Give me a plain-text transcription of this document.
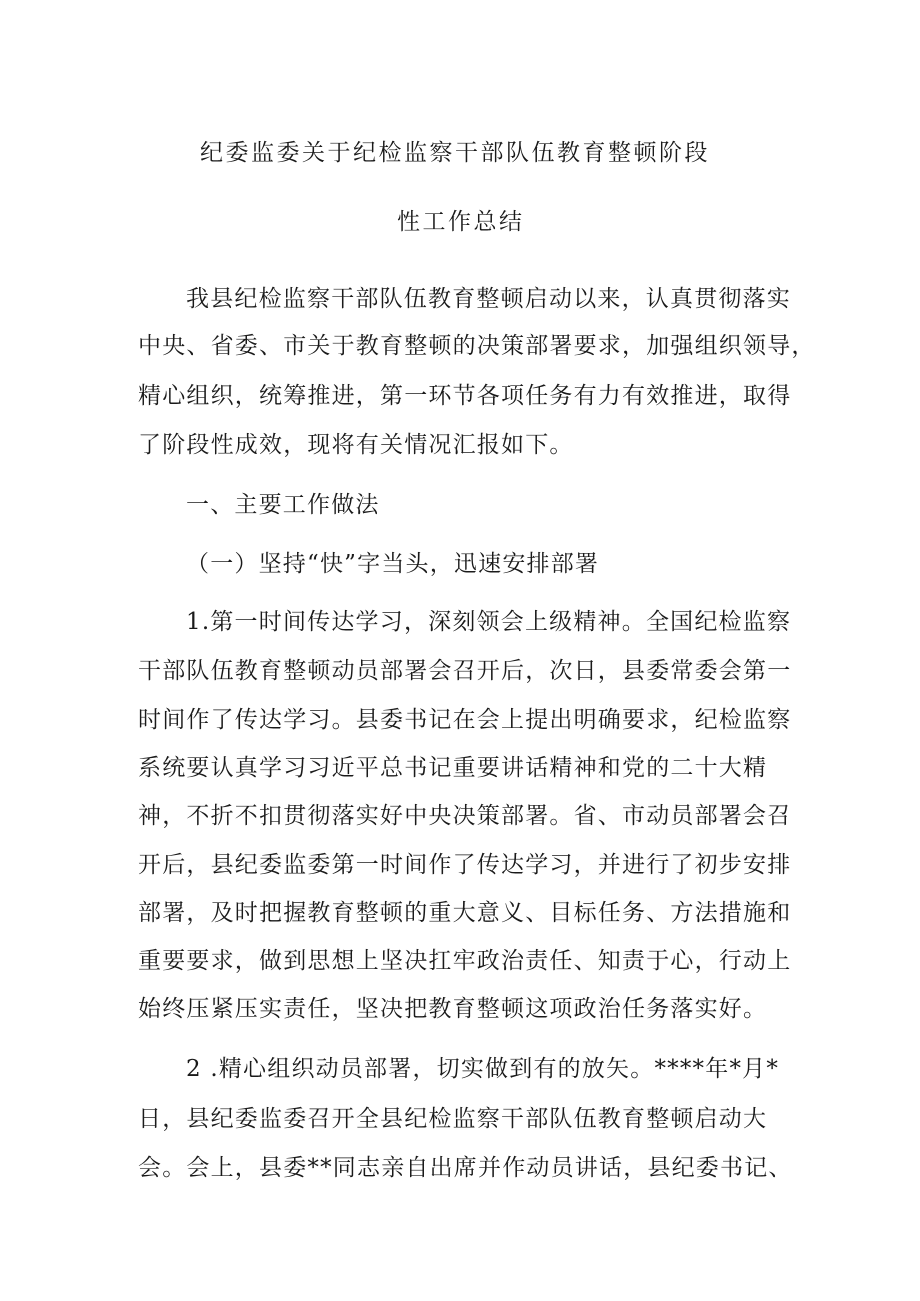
纪委监委关于纪检监察干部队伍教育整顿阶段
性工作总结
我县纪检监察干部队伍教育整顿启动以来，认真贯彻落实
中央、省委、市关于教育整顿的决策部署要求，加强组织领导，
精心组织，统筹推进，第一环节各项任务有力有效推进，取得
了阶段性成效，现将有关情况汇报如下。
一、主要工作做法
（一）坚持“快”字当头，迅速安排部署
1.第一时间传达学习，深刻领会上级精神。全国纪检监察
干部队伍教育整顿动员部署会召开后，次日，县委常委会第一
时间作了传达学习。县委书记在会上提出明确要求，纪检监察
系统要认真学习习近平总书记重要讲话精神和党的二十大精
神，不折不扣贯彻落实好中央决策部署。省、市动员部署会召
开后，县纪委监委第一时间作了传达学习，并进行了初步安排
部署，及时把握教育整顿的重大意义、目标任务、方法措施和
重要要求，做到思想上坚决扛牢政治责任、知责于心，行动上
始终压紧压实责任，坚决把教育整顿这项政治任务落实好。
2 .精心组织动员部署，切实做到有的放矢。****年*月*
日，县纪委监委召开全县纪检监察干部队伍教育整顿启动大
会。会上，县委**同志亲自出席并作动员讲话，县纪委书记、
